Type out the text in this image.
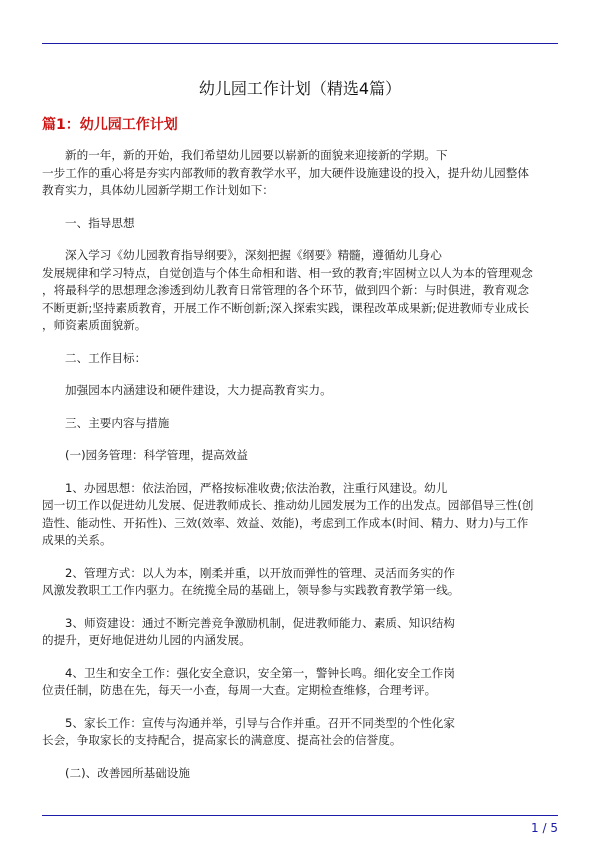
幼儿园工作计划（精选4篇）
篇1：幼儿园工作计划
新的一年，新的开始，我们希望幼儿园要以崭新的面貌来迎接新的学期。下
一步工作的重心将是夯实内部教师的教育教学水平，加大硬件设施建设的投入，提升幼儿园整体
教育实力，具体幼儿园新学期工作计划如下：
一、指导思想
深入学习《幼儿园教育指导纲要》，深刻把握《纲要》精髓，遵循幼儿身心
发展规律和学习特点，自觉创造与个体生命相和谐、相一致的教育;牢固树立以人为本的管理观念
，将最科学的思想理念渗透到幼儿教育日常管理的各个环节，做到四个新：与时俱进，教育观念
不断更新;坚持素质教育，开展工作不断创新;深入探索实践，课程改革成果新;促进教师专业成长
，师资素质面貌新。
二、工作目标：
加强园本内涵建设和硬件建设，大力提高教育实力。
三、主要内容与措施
(一)园务管理：科学管理，提高效益
1、办园思想：依法治园，严格按标准收费;依法治教，注重行风建设。幼儿
园一切工作以促进幼儿发展、促进教师成长、推动幼儿园发展为工作的出发点。园部倡导三性(创
造性、能动性、开拓性)、三效(效率、效益、效能)，考虑到工作成本(时间、精力、财力)与工作
成果的关系。
2、管理方式：以人为本，刚柔并重，以开放而弹性的管理、灵活而务实的作
风激发教职工工作内驱力。在统揽全局的基础上，领导参与实践教育教学第一线。
3、师资建设：通过不断完善竞争激励机制，促进教师能力、素质、知识结构
的提升，更好地促进幼儿园的内涵发展。
4、卫生和安全工作：强化安全意识，安全第一，警钟长鸣。细化安全工作岗
位责任制，防患在先，每天一小查，每周一大查。定期检查维修，合理考评。
5、家长工作：宣传与沟通并举，引导与合作并重。召开不同类型的个性化家
长会，争取家长的支持配合，提高家长的满意度、提高社会的信誉度。
(二)、改善园所基础设施
1 / 5
